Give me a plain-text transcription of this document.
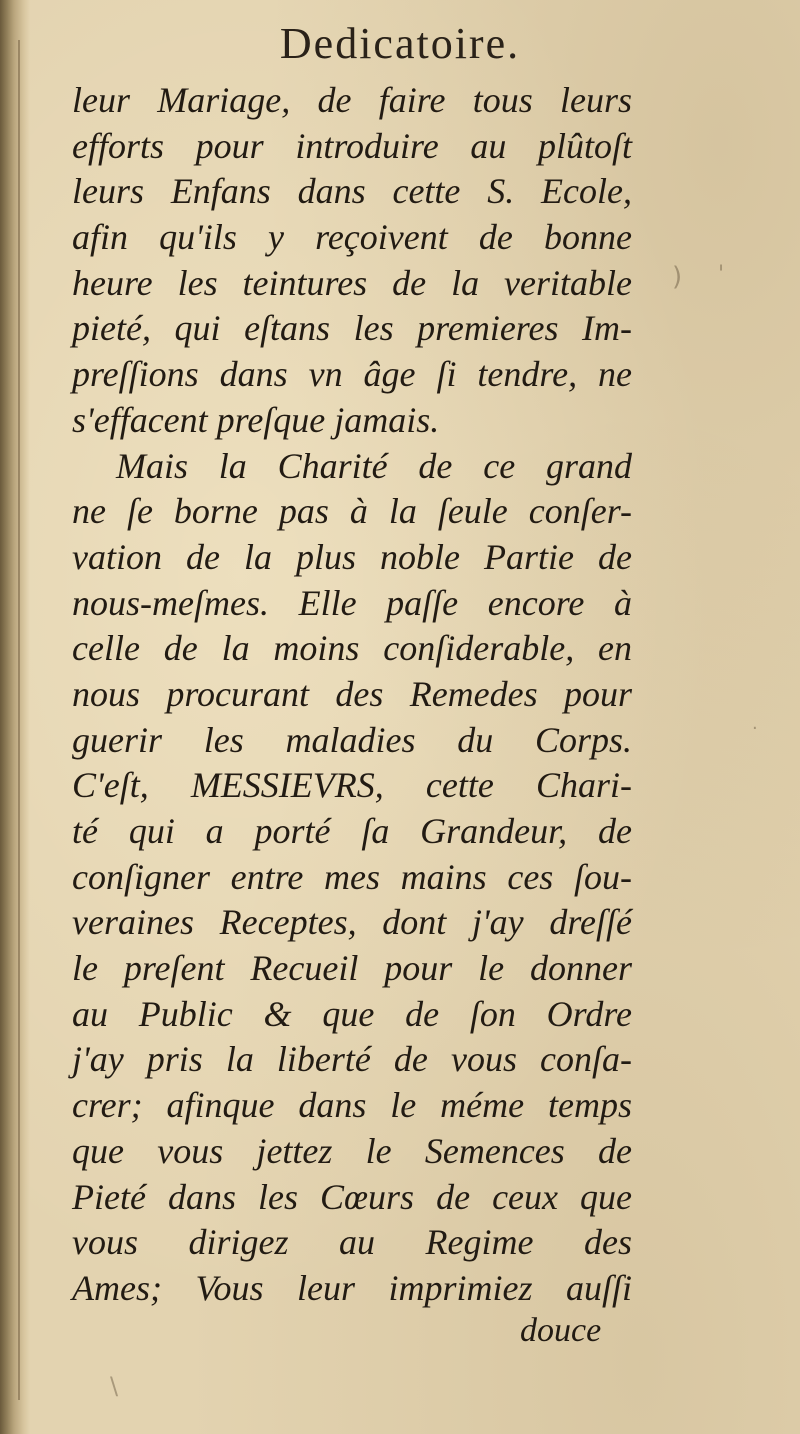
Dedicatoire.
leur Mariage, de faire tous leurs
efforts pour introduire au plûtoſt
leurs Enfans dans cette S. Ecole,
afin qu'ils y reçoivent de bonne
heure les teintures de la veritable
pieté, qui eſtans les premieres Im-
preſſions dans vn âge ſi tendre, ne
s'effacent preſque jamais.
Mais la Charité de ce grand
ne ſe borne pas à la ſeule conſer-
vation de la plus noble Partie de
nous-meſmes. Elle paſſe encore à
celle de la moins conſiderable, en
nous procurant des Remedes pour
guerir les maladies du Corps.
C'eſt, MESSIEVRS, cette Chari-
té qui a porté ſa Grandeur, de
conſigner entre mes mains ces ſou-
veraines Receptes, dont j'ay dreſſé
le preſent Recueil pour le donner
au Public & que de ſon Ordre
j'ay pris la liberté de vous conſa-
crer; afinque dans le méme temps
que vous jettez le Semences de
Pieté dans les Cœurs de ceux que
vous dirigez au Regime des
Ames; Vous leur imprimiez auſſi
douce
) '
·
\
